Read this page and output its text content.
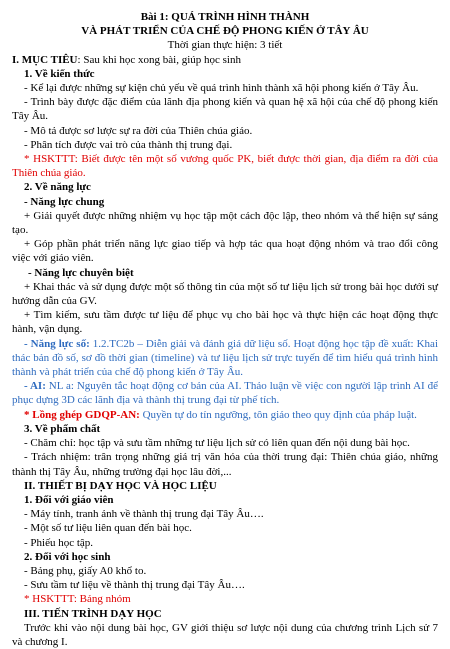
Bài 1: QUÁ TRÌNH HÌNH THÀNH
VÀ PHÁT TRIỂN CỦA CHẾ ĐỘ PHONG KIẾN Ở TÂY ÂU
Thời gian thực hiện: 3 tiết

I. MỤC TIÊU: Sau khi học xong bài, giúp học sinh

1. Về kiến thức

- Kể lại được những sự kiện chủ yếu về quá trình hình thành xã hội phong kiến ở Tây Âu.

- Trình bày được đặc điểm của lãnh địa phong kiến và quan hệ xã hội của chế độ phong kiến Tây Âu.

- Mô tả được sơ lược sự ra đời của Thiên chúa giáo.

- Phân tích được vai trò của thành thị trung đại.

* HSKTTT: Biết được tên một số vương quốc PK, biết được thời gian, địa điểm ra đời của Thiên chúa giáo.

2. Về năng lực

- Năng lực chung

+ Giải quyết được những nhiệm vụ học tập một cách độc lập, theo nhóm và thể hiện sự sáng tạo.

+ Góp phần phát triển năng lực giao tiếp và hợp tác qua hoạt động nhóm và trao đổi công việc với giáo viên.

- Năng lực chuyên biệt

+ Khai thác và sử dụng được một số thông tin của một số tư liệu lịch sử trong bài học dưới sự hướng dẫn của GV.

+ Tìm kiếm, sưu tầm được tư liệu để phục vụ cho bài học và thực hiện các hoạt động thực hành, vận dụng.

- Năng lực số: 1.2.TC2b – Diễn giải và đánh giá dữ liệu số. Hoạt động học tập đề xuất: Khai thác bản đồ số, sơ đồ thời gian (timeline) và tư liệu lịch sử trực tuyến để tìm hiểu quá trình hình thành và phát triển của chế độ phong kiến ở Tây Âu.

- AI: NL a: Nguyên tắc hoạt động cơ bản của AI. Thảo luận về việc con người lập trình AI để phục dựng 3D các lãnh địa và thành thị trung đại từ phế tích.

* Lồng ghép GDQP-AN: Quyền tự do tín ngưỡng, tôn giáo theo quy định của pháp luật.

3. Về phẩm chất

- Chăm chỉ: học tập và sưu tầm những tư liệu lịch sử có liên quan đến nội dung bài học.

- Trách nhiệm: trân trọng những giá trị văn hóa của thời trung đại: Thiên chúa giáo, những thành thị Tây Âu, những trường đại học lâu đời,...

II. THIẾT BỊ DẠY HỌC VÀ HỌC LIỆU

1. Đối với giáo viên

- Máy tính, tranh ảnh về thành thị trung đại Tây Âu….

- Một số tư liệu liên quan đến bài học.

- Phiếu học tập.

2. Đối với học sinh

- Bảng phụ, giấy A0 khổ to.

- Sưu tầm tư liệu về thành thị trung đại Tây Âu….

* HSKTTT: Bảng nhóm

III. TIẾN TRÌNH DẠY HỌC

Trước khi vào nội dung bài học, GV giới thiệu sơ lược nội dung của chương trình Lịch sử 7 và chương I.
